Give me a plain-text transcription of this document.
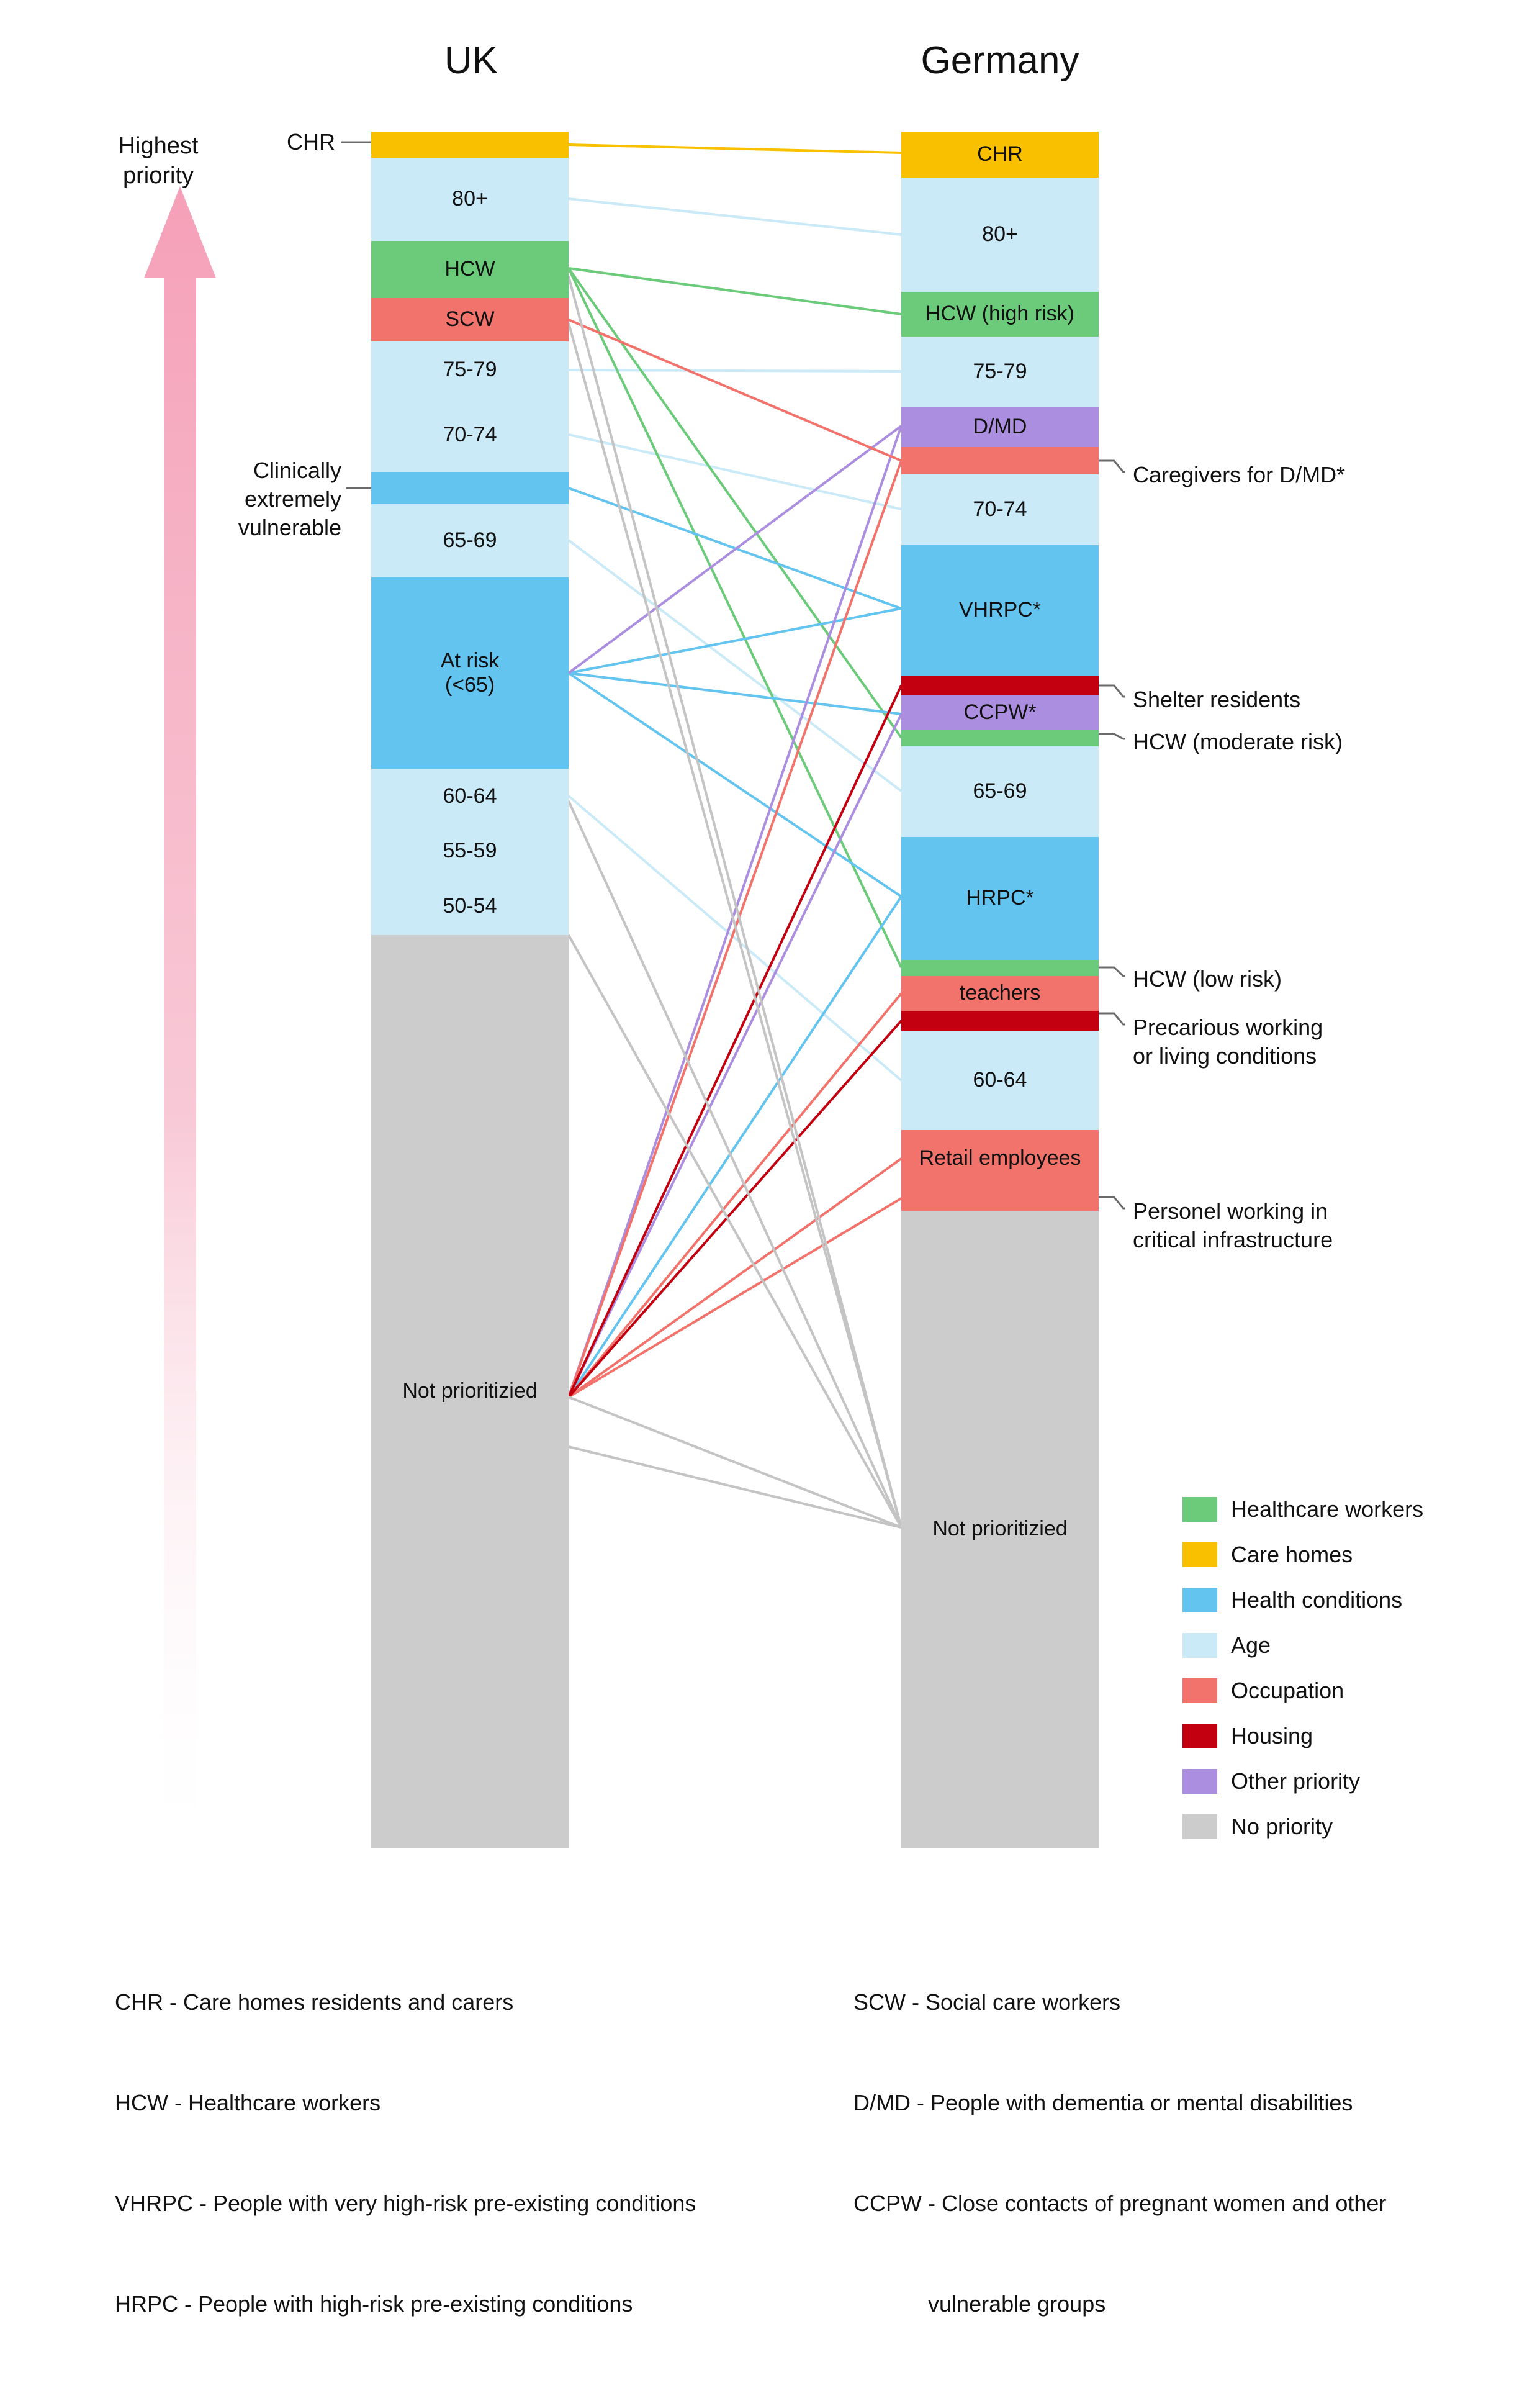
UK	Germany
Highest
priority
CHR
Clinically
extremely
vulnerable
80+
HCW
SCW
75-79
70-74
65-69
At risk
(<65)
60-64
55-59
50-54
Not prioritizied
CHR
80+
HCW (high risk)
75-79
D/MD
70-74
VHRPC*
CCPW*
65-69
HRPC*
teachers
60-64
Retail employees
Not prioritizied
Caregivers for D/MD*
Shelter residents
HCW (moderate risk)
HCW (low risk)
Precarious working
or living conditions
Personel working in
critical infrastructure
Healthcare workers
Care homes
Health conditions
Age
Occupation
Housing
Other priority
No priority

CHR - Care homes residents and carers

HCW - Healthcare workers

VHRPC - People with very high-risk pre-existing conditions

HRPC - People with high-risk pre-existing conditions

SCW - Social care workers

D/MD - People with dementia or mental disabilities

CCPW - Close contacts of pregnant women and other

vulnerable groups
